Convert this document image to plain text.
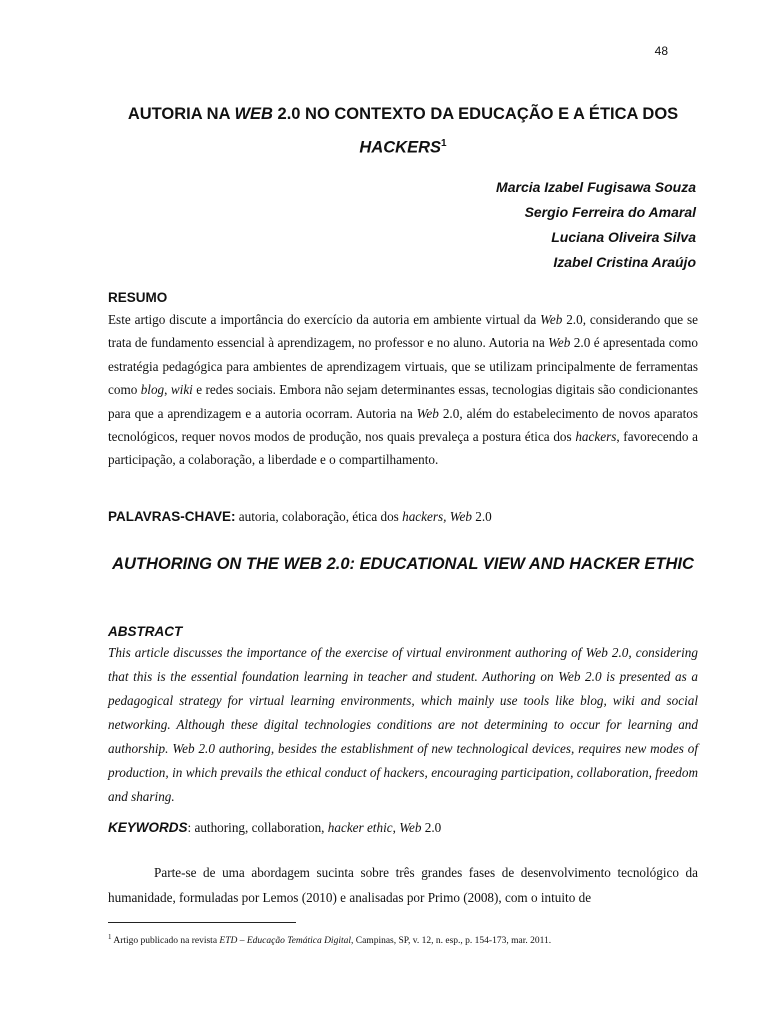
48
AUTORIA NA WEB 2.0 NO CONTEXTO DA EDUCAÇÃO E A ÉTICA DOS HACKERS$^1$
Marcia Izabel Fugisawa Souza
Sergio Ferreira do Amaral
Luciana Oliveira Silva
Izabel Cristina Araújo
RESUMO

Este artigo discute a importância do exercício da autoria em ambiente virtual da Web 2.0, considerando que se trata de fundamento essencial à aprendizagem, no professor e no aluno. Autoria na Web 2.0 é apresentada como estratégia pedagógica para ambientes de aprendizagem virtuais, que se utilizam principalmente de ferramentas como blog, wiki e redes sociais. Embora não sejam determinantes essas, tecnologias digitais são condicionantes para que a aprendizagem e a autoria ocorram. Autoria na Web 2.0, além do estabelecimento de novos aparatos tecnológicos, requer novos modos de produção, nos quais prevaleça a postura ética dos hackers, favorecendo a participação, a colaboração, a liberdade e o compartilhamento.

PALAVRAS-CHAVE: autoria, colaboração, ética dos hackers, Web 2.0

AUTHORING ON THE WEB 2.0: EDUCATIONAL VIEW AND HACKER ETHIC
ABSTRACT

This article discusses the importance of the exercise of virtual environment authoring of Web 2.0, considering that this is the essential foundation learning in teacher and student. Authoring on Web 2.0 is presented as a pedagogical strategy for virtual learning environments, which mainly use tools like blog, wiki and social networking. Although these digital technologies conditions are not determining to occur for learning and authorship. Web 2.0 authoring, besides the establishment of new technological devices, requires new modes of production, in which prevails the ethical conduct of hackers, encouraging participation, collaboration, freedom and sharing.

KEYWORDS: authoring, collaboration, hacker ethic, Web 2.0

Parte-se de uma abordagem sucinta sobre três grandes fases de desenvolvimento tecnológico da humanidade, formuladas por Lemos (2010) e analisadas por Primo (2008), com o intuito de

$^1$ Artigo publicado na revista ETD – Educação Temática Digital, Campinas, SP, v. 12, n. esp., p. 154-173, mar. 2011.
